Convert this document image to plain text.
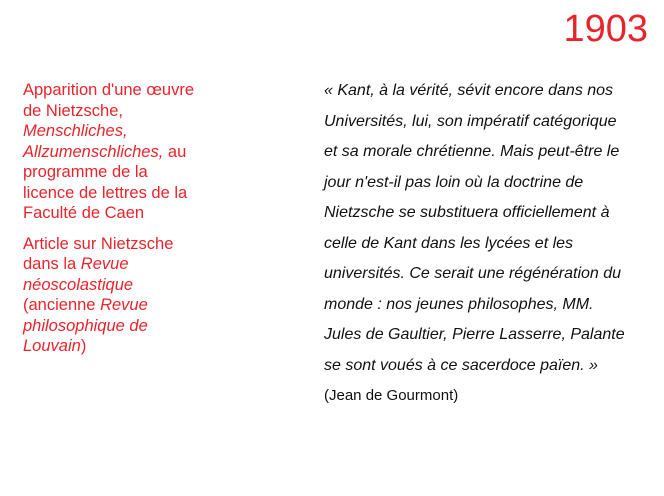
1903

Apparition d'une œuvre de Nietzsche, Menschliches, Allzumenschliches, au programme de la licence de lettres de la Faculté de Caen

Article sur Nietzsche dans la Revue néoscolastique (ancienne Revue philosophique de Louvain)

« Kant, à la vérité, sévit encore dans nos Universités, lui, son impératif catégorique et sa morale chrétienne. Mais peut-être le jour n'est-il pas loin où la doctrine de Nietzsche se substituera officiellement à celle de Kant dans les lycées et les universités. Ce serait une régénération du monde : nos jeunes philosophes, MM. Jules de Gaultier, Pierre Lasserre, Palante se sont voués à ce sacerdoce païen. » (Jean de Gourmont)
